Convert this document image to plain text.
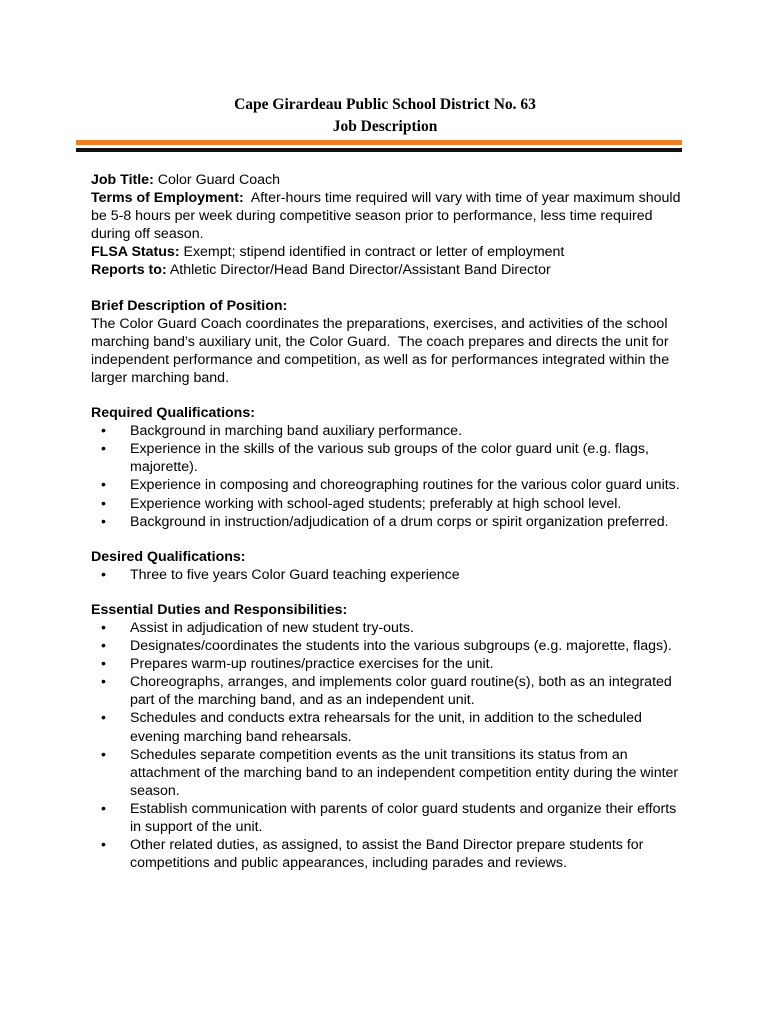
Cape Girardeau Public School District No. 63
Job Description

Job Title: Color Guard Coach

Terms of Employment:  After-hours time required will vary with time of year maximum should be 5-8 hours per week during competitive season prior to performance, less time required during off season.

FLSA Status: Exempt; stipend identified in contract or letter of employment

Reports to: Athletic Director/Head Band Director/Assistant Band Director

Brief Description of Position:

The Color Guard Coach coordinates the preparations, exercises, and activities of the school marching band’s auxiliary unit, the Color Guard.  The coach prepares and directs the unit for independent performance and competition, as well as for performances integrated within the larger marching band.

Required Qualifications:

• Background in marching band auxiliary performance.
• Experience in the skills of the various sub groups of the color guard unit (e.g. flags, majorette).
• Experience in composing and choreographing routines for the various color guard units.
• Experience working with school-aged students; preferably at high school level.
• Background in instruction/adjudication of a drum corps or spirit organization preferred.

Desired Qualifications:

• Three to five years Color Guard teaching experience

Essential Duties and Responsibilities:

• Assist in adjudication of new student try-outs.
• Designates/coordinates the students into the various subgroups (e.g. majorette, flags).
• Prepares warm-up routines/practice exercises for the unit.
• Choreographs, arranges, and implements color guard routine(s), both as an integrated part of the marching band, and as an independent unit.
• Schedules and conducts extra rehearsals for the unit, in addition to the scheduled evening marching band rehearsals.
• Schedules separate competition events as the unit transitions its status from an attachment of the marching band to an independent competition entity during the winter season.
• Establish communication with parents of color guard students and organize their efforts in support of the unit.
• Other related duties, as assigned, to assist the Band Director prepare students for competitions and public appearances, including parades and reviews.
